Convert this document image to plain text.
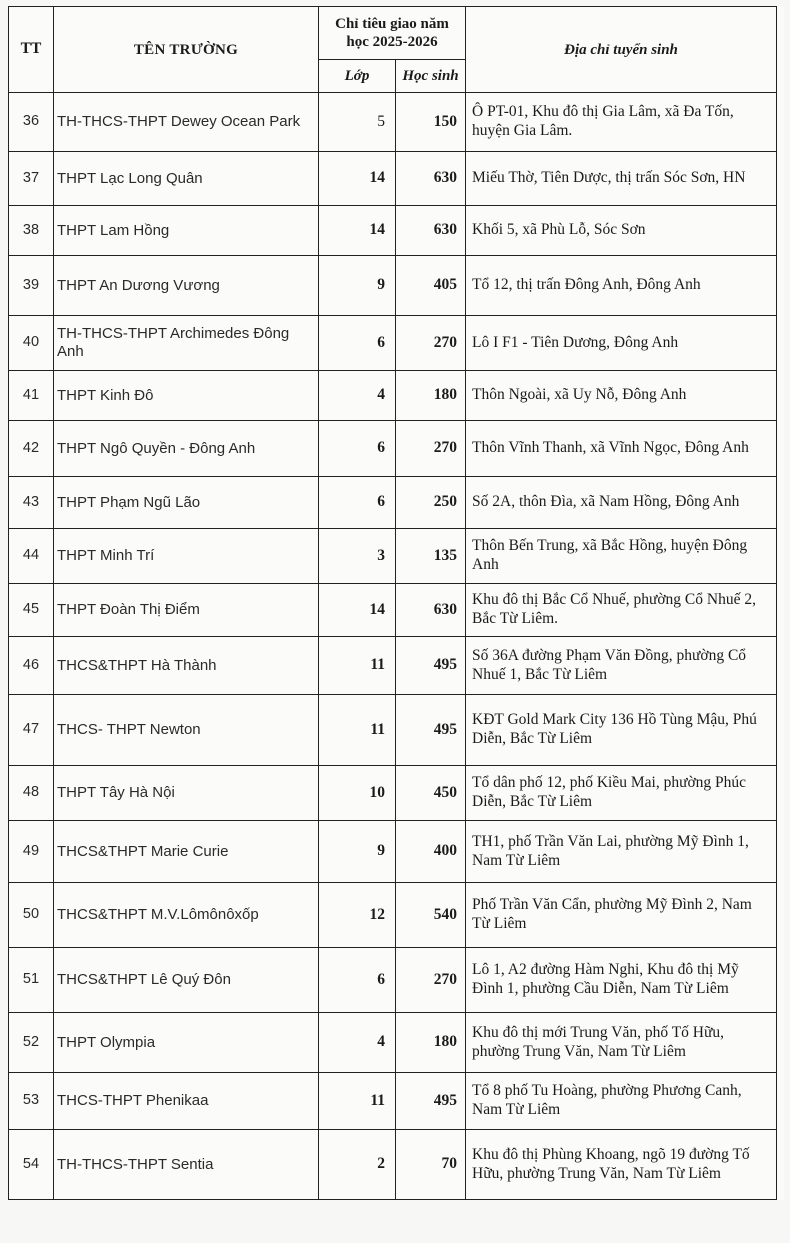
TT	TÊN TRƯỜNG	Chỉ tiêu giao năm học 2025-2026		Địa chỉ tuyển sinh
		Lớp	Học sinh	
36	TH-THCS-THPT Dewey Ocean Park	5	150	Ô PT-01, Khu đô thị Gia Lâm, xã Đa Tốn, huyện Gia Lâm.
37	THPT Lạc Long Quân	14	630	Miếu Thờ, Tiên Dược, thị trấn Sóc Sơn, HN
38	THPT Lam Hồng	14	630	Khối 5, xã Phù Lỗ, Sóc Sơn
39	THPT An Dương Vương	9	405	Tổ 12, thị trấn Đông Anh, Đông Anh
40	TH-THCS-THPT Archimedes Đông Anh	6	270	Lô I F1 - Tiên Dương, Đông Anh
41	THPT Kinh Đô	4	180	Thôn Ngoài, xã Uy Nỗ, Đông Anh
42	THPT Ngô Quyền - Đông Anh	6	270	Thôn Vĩnh Thanh, xã Vĩnh Ngọc, Đông Anh
43	THPT Phạm Ngũ Lão	6	250	Số 2A, thôn Đìa, xã Nam Hồng, Đông Anh
44	THPT Minh Trí	3	135	Thôn Bến Trung, xã Bắc Hồng, huyện Đông Anh
45	THPT Đoàn Thị Điểm	14	630	Khu đô thị Bắc Cổ Nhuế, phường Cổ Nhuế 2, Bắc Từ Liêm.
46	THCS&THPT Hà Thành	11	495	Số 36A đường Phạm Văn Đồng, phường Cổ Nhuế 1, Bắc Từ Liêm
47	THCS- THPT Newton	11	495	KĐT Gold Mark City 136 Hồ Tùng Mậu, Phú Diễn, Bắc Từ Liêm
48	THPT Tây Hà Nội	10	450	Tổ dân phố 12, phố Kiều Mai, phường Phúc Diễn, Bắc Từ Liêm
49	THCS&THPT Marie Curie	9	400	TH1, phố Trần Văn Lai, phường Mỹ Đình 1, Nam Từ Liêm
50	THCS&THPT M.V.Lômônôxốp	12	540	Phố Trần Văn Cẩn, phường Mỹ Đình 2, Nam Từ Liêm
51	THCS&THPT Lê Quý Đôn	6	270	Lô 1, A2 đường Hàm Nghi, Khu đô thị Mỹ Đình 1, phường Cầu Diễn, Nam Từ Liêm
52	THPT Olympia	4	180	Khu đô thị mới Trung Văn, phố Tố Hữu, phường Trung Văn, Nam Từ Liêm
53	THCS-THPT Phenikaa	11	495	Tổ 8 phố Tu Hoàng, phường Phương Canh, Nam Từ Liêm
54	TH-THCS-THPT Sentia	2	70	Khu đô thị Phùng Khoang, ngõ 19 đường Tố Hữu, phường Trung Văn, Nam Từ Liêm
